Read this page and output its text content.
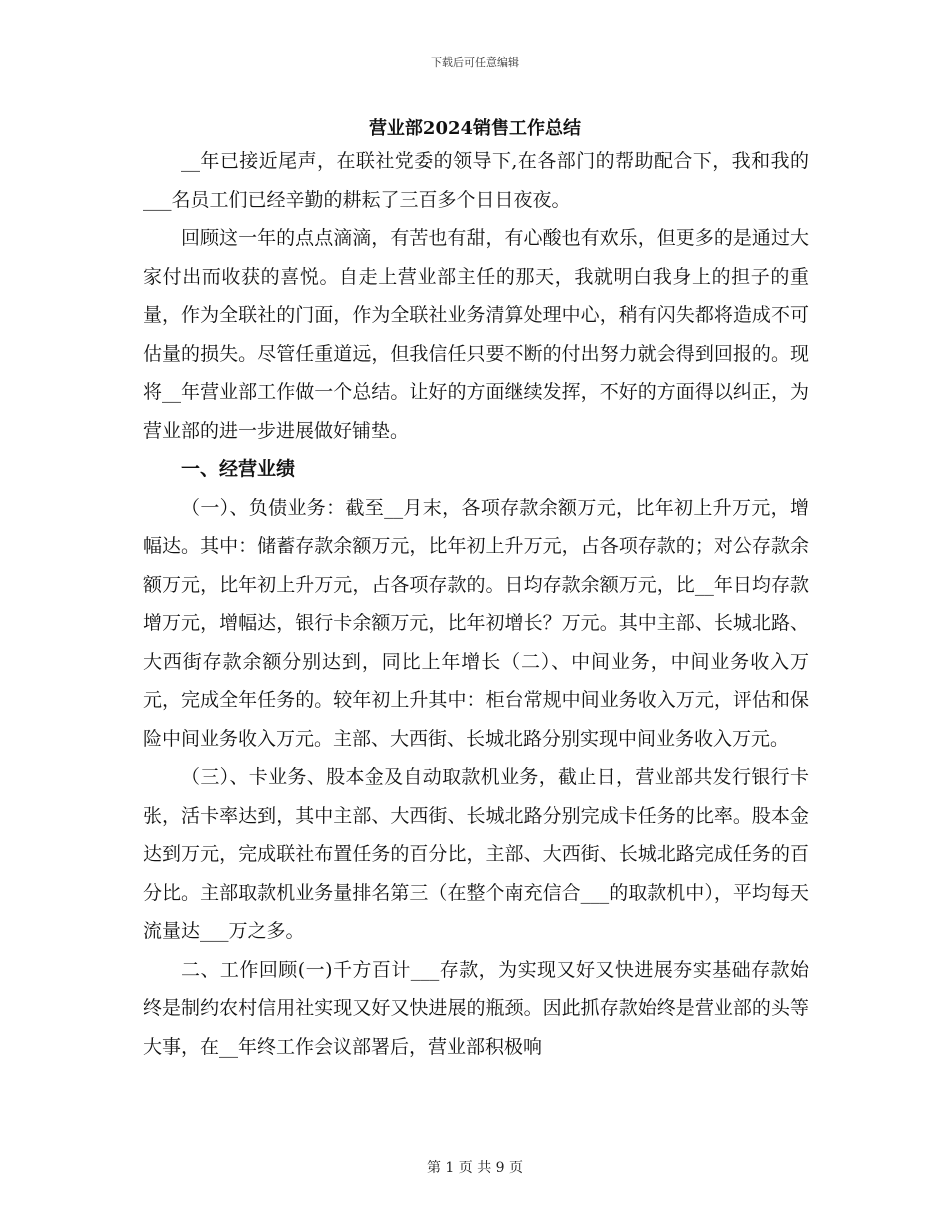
下载后可任意编辑
营业部2024销售工作总结

__年已接近尾声，在联社党委的领导下,在各部门的帮助配合下，我和我的___名员工们已经辛勤的耕耘了三百多个日日夜夜。

回顾这一年的点点滴滴，有苦也有甜，有心酸也有欢乐，但更多的是通过大家付出而收获的喜悦。自走上营业部主任的那天，我就明白我身上的担子的重量，作为全联社的门面，作为全联社业务清算处理中心，稍有闪失都将造成不可估量的损失。尽管任重道远，但我信任只要不断的付出努力就会得到回报的。现将__年营业部工作做一个总结。让好的方面继续发挥，不好的方面得以纠正，为营业部的进一步进展做好铺垫。

一、经营业绩

（一）、负债业务：截至__月末，各项存款余额万元，比年初上升万元，增幅达。其中：储蓄存款余额万元，比年初上升万元，占各项存款的；对公存款余额万元，比年初上升万元，占各项存款的。日均存款余额万元，比__年日均存款增万元，增幅达，银行卡余额万元，比年初增长？万元。其中主部、长城北路、大西街存款余额分别达到，同比上年增长（二）、中间业务，中间业务收入万元，完成全年任务的。较年初上升其中：柜台常规中间业务收入万元，评估和保险中间业务收入万元。主部、大西街、长城北路分别实现中间业务收入万元。

（三）、卡业务、股本金及自动取款机业务，截止日，营业部共发行银行卡张，活卡率达到，其中主部、大西街、长城北路分别完成卡任务的比率。股本金达到万元，完成联社布置任务的百分比，主部、大西街、长城北路完成任务的百分比。主部取款机业务量排名第三（在整个南充信合___的取款机中），平均每天流量达___万之多。

二、工作回顾(一)千方百计___存款，为实现又好又快进展夯实基础存款始终是制约农村信用社实现又好又快进展的瓶颈。因此抓存款始终是营业部的头等大事，在__年终工作会议部署后，营业部积极响

第 1 页 共 9 页
